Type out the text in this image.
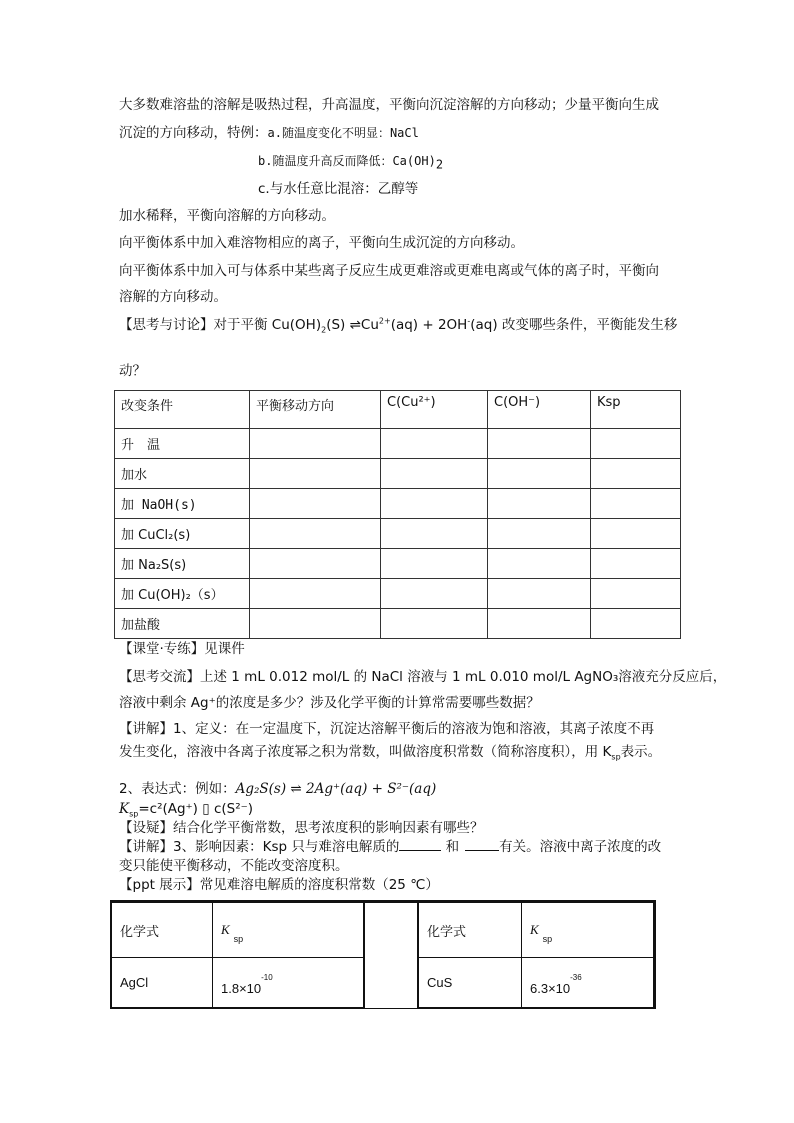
大多数难溶盐的溶解是吸热过程，升高温度，平衡向沉淀溶解的方向移动；少量平衡向生成
沉淀的方向移动，特例：a.随温度变化不明显：NaCl
b.随温度升高反而降低：$Ca(OH)_2$
c.与水任意比混溶：乙醇等
加水稀释，平衡向溶解的方向移动。
向平衡体系中加入难溶物相应的离子，平衡向生成沉淀的方向移动。
向平衡体系中加入可与体系中某些离子反应生成更难溶或更难电离或气体的离子时，平衡向
溶解的方向移动。
【思考与讨论】对于平衡 $Cu(OH)_2(S)$ $\rightleftharpoons Cu^{2+}(aq) + 2OH^-(aq)$ 改变哪些条件，平衡能发生移
动？
改变条件	平衡移动方向	C(Cu²⁺)	C(OH⁻)	Ksp
升　温				
加水				
加 NaOH(s)				
加 CuCl₂(s)				
加 Na₂S(s)				
加 Cu(OH)₂（s）				
加盐酸				
【课堂·专练】见课件
【思考交流】上述 1 mL 0.012 mol/L 的 NaCl 溶液与 1 mL 0.010 mol/L AgNO₃溶液充分反应后，
溶液中剩余 Ag⁺的浓度是多少？涉及化学平衡的计算常需要哪些数据？
【讲解】1、定义：在一定温度下，沉淀达溶解平衡后的溶液为饱和溶液，其离子浓度不再
发生变化，溶液中各离子浓度幂之积为常数，叫做溶度积常数（简称溶度积），用 $K_{sp}$表示。
2、表达式：例如：Ag₂S(s) ⇌ 2Ag⁺(aq) + S²⁻(aq)
$K_{sp}=c^2(Ag^+)$ ▯ c(S²⁻)
【设疑】结合化学平衡常数，思考浓度积的影响因素有哪些？
【讲解】3、影响因素：Ksp 只与难溶电解质的	和	有关。溶液中离子浓度的改
变只能使平衡移动，不能改变溶度积。
【ppt 展示】常见难溶电解质的溶度积常数（25 ℃）
化学式	Ksp		化学式	Ksp
AgCl	$1.8\times 10^{-10}$		CuS	$6.3\times 10^{-36}$
